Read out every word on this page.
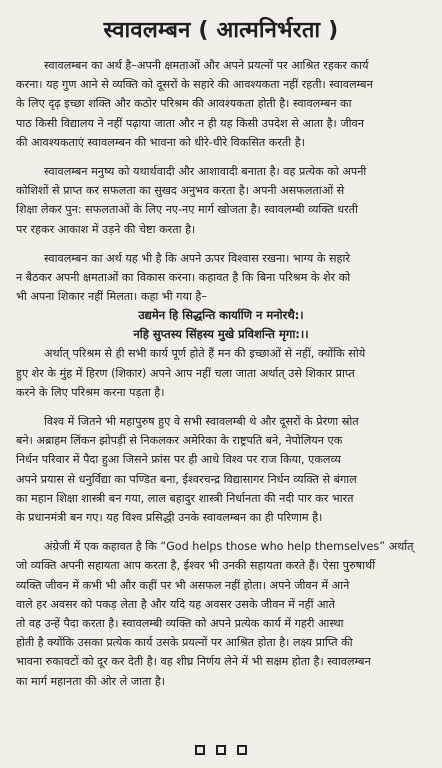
स्वावलम्बन ( आत्मनिर्भरता )
स्वावलम्बन का अर्थ है–अपनी क्षमताओं और अपने प्रयत्नों पर आश्रित रहकर कार्य
करना। यह गुण आने से व्यक्ति को दूसरों के सहारे की आवश्यकता नहीं रहती। स्वावलम्बन
के लिए दृढ़ इच्छा शक्ति और कठोर परिश्रम की आवश्यकता होती है। स्वावलम्बन का
पाठ किसी विद्यालय ने नहीं पढ़ाया जाता और न ही यह किसी उपदेश से आता है। जीवन
की आवश्यकताएं स्वावलम्बन की भावना को धीरे-धीरे विकसित करती है।
स्वावलम्बन मनुष्य को यथार्थवादी और आशावादी बनाता है। वह प्रत्येक को अपनी
कोशिशों से प्राप्त कर सफलता का सुखद अनुभव करता है। अपनी असफलताओं से
शिक्षा लेकर पुन: सफलताओं के लिए नए-नए मार्ग खोजता है। स्वावलम्बी व्यक्ति धरती
पर रहकर आकाश में उड़ने की चेष्टा करता है।
स्वावलम्बन का अर्थ यह भी है कि अपने ऊपर विश्वास रखना। भाग्य के सहारे
न बैठकर अपनी क्षमताओं का विकास करना। कहावत है कि बिना परिश्रम के शेर को
भी अपना शिकार नहीं मिलता। कहा भी गया है–
उद्यमेन हि सिद्धन्ति कार्याणि न मनोरथै:।
नहि सुप्तस्य सिंहस्य मुखे प्रविशन्ति मृगा:।।
अर्थात् परिश्रम से ही सभी कार्य पूर्ण होते हैं मन की इच्छाओं से नहीं, क्योंकि सोये
हुए शेर के मुंह में हिरण (शिकार) अपने आप नहीं चला जाता अर्थात् उसे शिकार प्राप्त
करने के लिए परिश्रम करना पड़ता है।
विश्व में जितने भी महापुरुष हुए वे सभी स्वावलम्बी थे और दूसरों के प्रेरणा स्रोत
बने। अब्राहम लिंकन झोपड़ी से निकलकर अमेरिका के राष्ट्रपति बने, नेपोलियन एक
निर्धन परिवार में पैदा हुआ जिसने फ्रांस पर ही आधे विश्व पर राज किया, एकलव्य
अपने प्रयास से धनुर्विद्या का पण्डित बना, ईश्वरचन्द्र विद्यासागर निर्धन व्यक्ति से बंगाल
का महान शिक्षा शास्त्री बन गया, लाल बहादुर शास्त्री निर्धानता की नदी पार कर भारत
के प्रधानमंत्री बन गए। यह विश्व प्रसिद्धी उनके स्वावलम्बन का ही परिणाम है।
अंग्रेजी में एक कहावत है कि “God helps those who help themselves” अर्थात्
जो व्यक्ति अपनी सहायता आप करता है, ईश्वर भी उनकी सहायता करते हैं। ऐसा पुरुषार्थी
व्यक्ति जीवन में कभी भी और कहीं पर भी असफल नहीं होता। अपने जीवन में आने
वाले हर अवसर को पकड़ लेता है और यदि यह अवसर उसके जीवन में नहीं आते
तो वह उन्हें पैदा करता है। स्वावलम्बी व्यक्ति को अपने प्रत्येक कार्य में गहरी आस्था
होती है क्योंकि उसका प्रत्येक कार्य उसके प्रयत्नों पर आश्रित होता है। लक्ष्य प्राप्ति की
भावना रुकावटों को दूर कर देती है। वह शीघ्र निर्णय लेने में भी सक्षम होता है। स्वावलम्बन
का मार्ग महानता की ओर ले जाता है।
